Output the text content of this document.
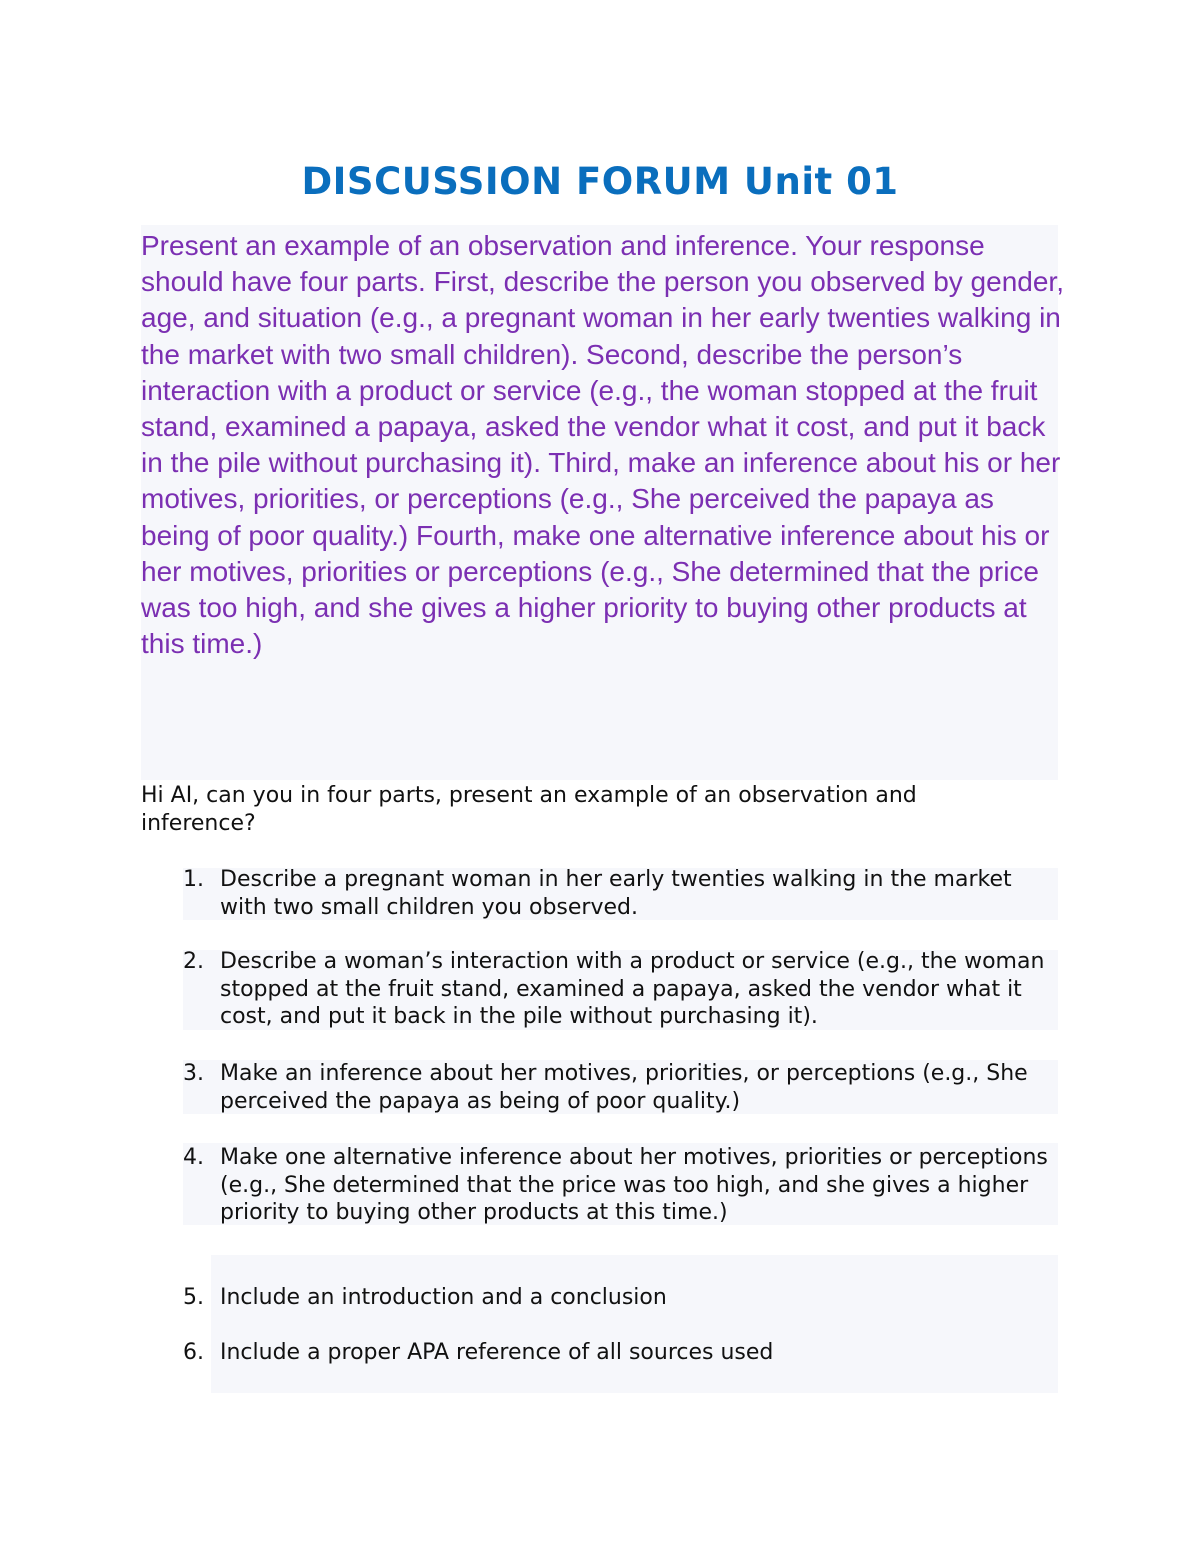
DISCUSSION FORUM Unit 01

Present an example of an observation and inference. Your response should have four parts. First, describe the person you observed by gender, age, and situation (e.g., a pregnant woman in her early twenties walking in the market with two small children). Second, describe the person’s interaction with a product or service (e.g., the woman stopped at the fruit stand, examined a papaya, asked the vendor what it cost, and put it back in the pile without purchasing it). Third, make an inference about his or her motives, priorities, or perceptions (e.g., She perceived the papaya as being of poor quality.) Fourth, make one alternative inference about his or her motives, priorities or perceptions (e.g., She determined that the price was too high, and she gives a higher priority to buying other products at this time.)

Hi AI, can you in four parts, present an example of an observation and inference?

1. Describe a pregnant woman in her early twenties walking in the market with two small children you observed.
2. Describe a woman’s interaction with a product or service (e.g., the woman stopped at the fruit stand, examined a papaya, asked the vendor what it cost, and put it back in the pile without purchasing it).
3. Make an inference about her motives, priorities, or perceptions (e.g., She perceived the papaya as being of poor quality.)
4. Make one alternative inference about her motives, priorities or perceptions (e.g., She determined that the price was too high, and she gives a higher priority to buying other products at this time.)
5. Include an introduction and a conclusion
6. Include a proper APA reference of all sources used
